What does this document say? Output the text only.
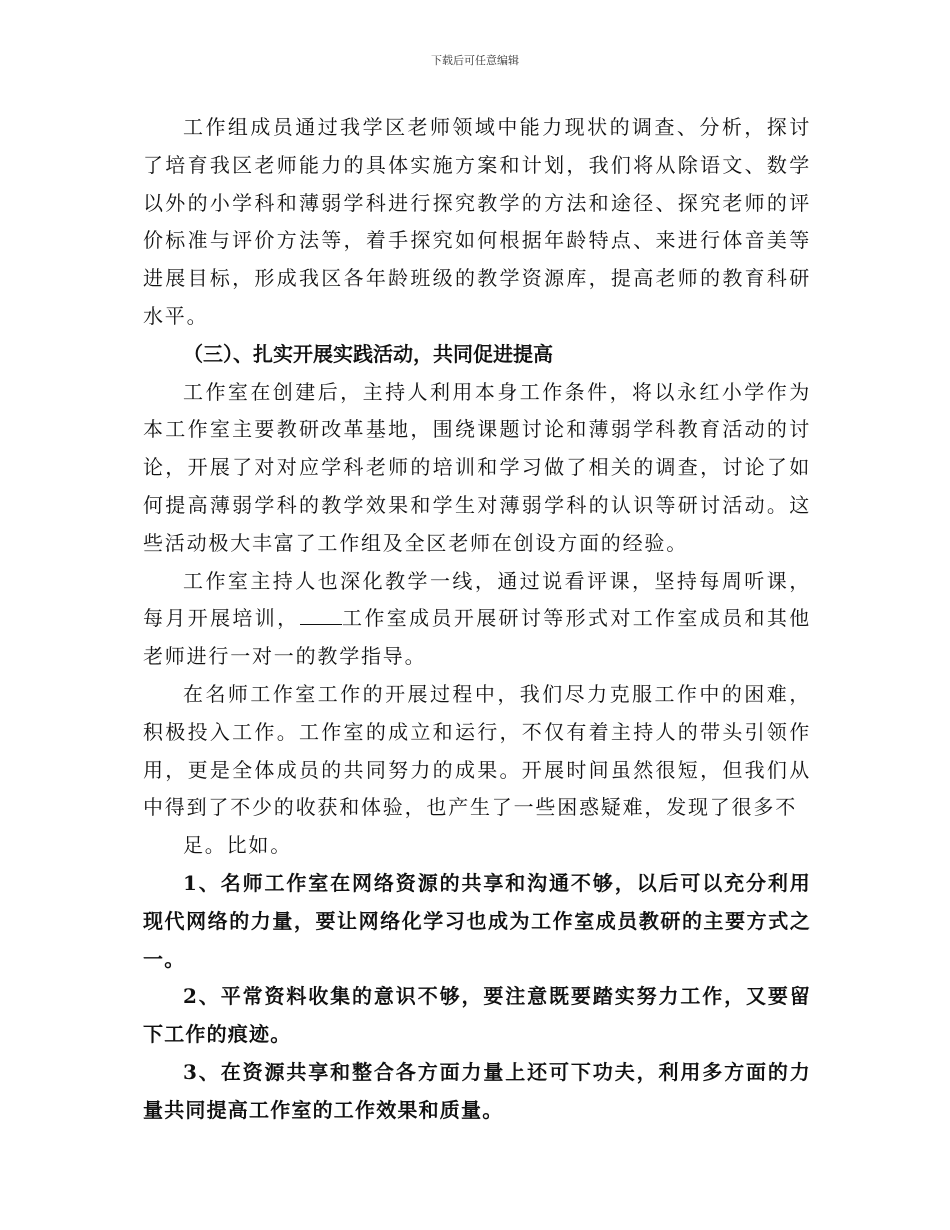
下载后可任意编辑

工作组成员通过我学区老师领域中能力现状的调查、分析，探讨了培育我区老师能力的具体实施方案和计划，我们将从除语文、数学以外的小学科和薄弱学科进行探究教学的方法和途径、探究老师的评价标准与评价方法等，着手探究如何根据年龄特点、来进行体音美等进展目标，形成我区各年龄班级的教学资源库，提高老师的教育科研水平。

（三）、扎实开展实践活动，共同促进提高

工作室在创建后，主持人利用本身工作条件，将以永红小学作为本工作室主要教研改革基地，围绕课题讨论和薄弱学科教育活动的讨论，开展了对对应学科老师的培训和学习做了相关的调查，讨论了如何提高薄弱学科的教学效果和学生对薄弱学科的认识等研讨活动。这些活动极大丰富了工作组及全区老师在创设方面的经验。

工作室主持人也深化教学一线，通过说看评课，坚持每周听课，每月开展培训， 工作室成员开展研讨等形式对工作室成员和其他老师进行一对一的教学指导。

在名师工作室工作的开展过程中，我们尽力克服工作中的困难，积极投入工作。工作室的成立和运行，不仅有着主持人的带头引领作用，更是全体成员的共同努力的成果。开展时间虽然很短，但我们从中得到了不少的收获和体验，也产生了一些困惑疑难，发现了很多不

足。比如。

1、名师工作室在网络资源的共享和沟通不够，以后可以充分利用现代网络的力量，要让网络化学习也成为工作室成员教研的主要方式之一。

2、平常资料收集的意识不够，要注意既要踏实努力工作，又要留下工作的痕迹。

3、在资源共享和整合各方面力量上还可下功夫，利用多方面的力量共同提高工作室的工作效果和质量。
